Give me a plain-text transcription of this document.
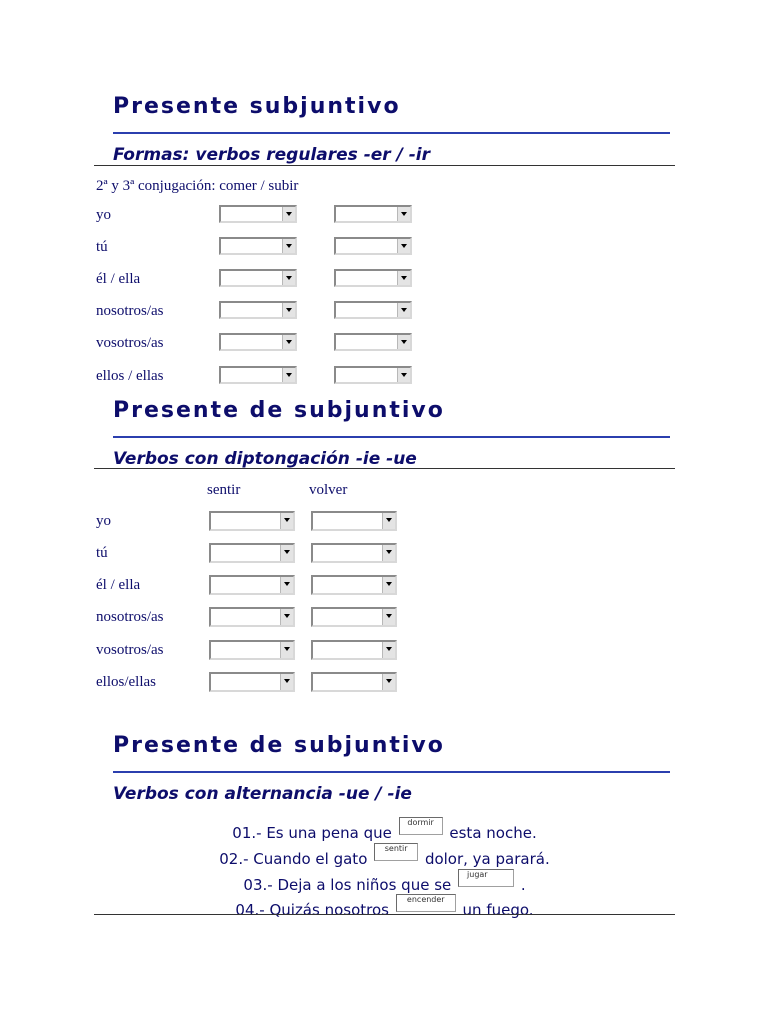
Presente subjuntivo
Formas: verbos regulares -er / -ir
2ª y 3ª conjugación: comer / subir
yo
tú
él / ella
nosotros/as
vosotros/as
ellos / ellas
Presente de subjuntivo
Verbos con diptongación -ie -ue
sentir	volver
yo
tú
él / ella
nosotros/as
vosotros/as
ellos/ellas
Presente de subjuntivo
Verbos con alternancia -ue / -ie
01.- Es una pena que
dormir
esta noche.
02.- Cuando el gato
sentir
dolor, ya parará.
03.- Deja a los niños que se
jugar
.
04.- Quizás nosotros
encender
un fuego.
